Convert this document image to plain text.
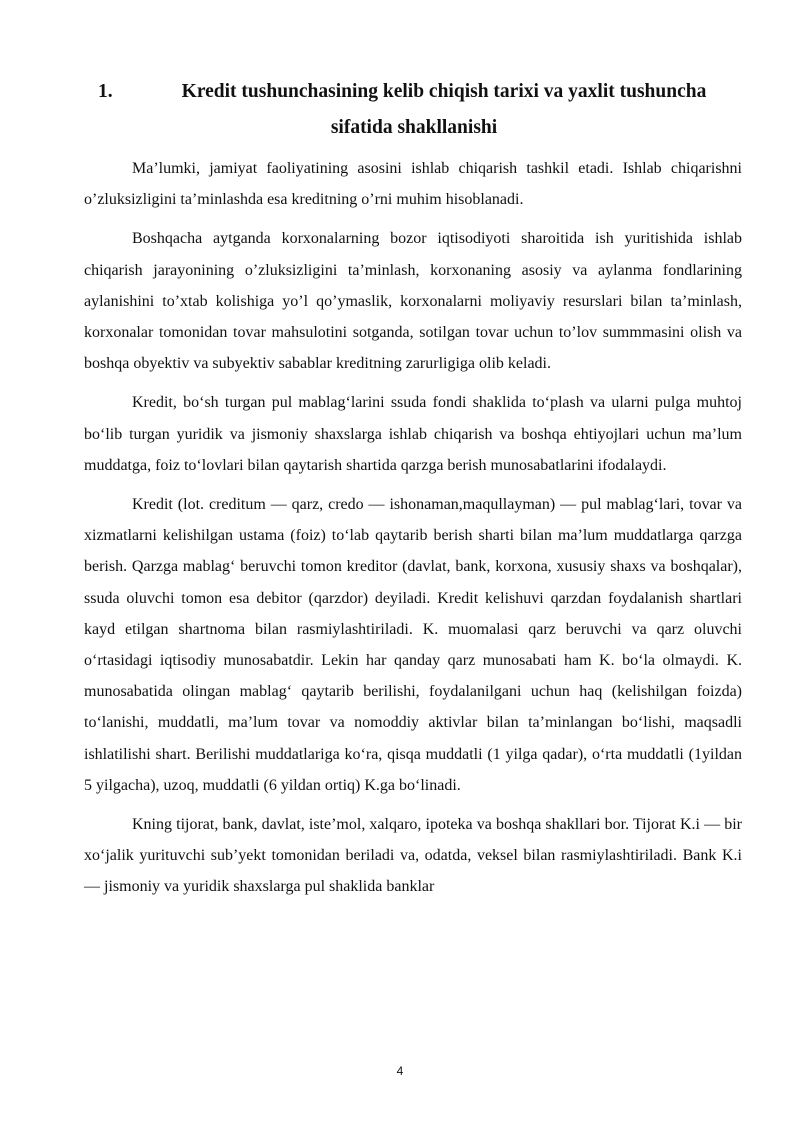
1.	Kredit tushunchasining kelib chiqish tarixi va yaxlit tushuncha
sifatida shakllanishi

Ma’lumki, jamiyat faoliyatining asosini ishlab chiqarish tashkil etadi. Ishlab chiqarishni o’zluksizligini ta’minlashda esa kreditning o’rni muhim hisoblanadi.

Boshqacha aytganda korxonalarning bozor iqtisodiyoti sharoitida ish yuritishida ishlab chiqarish jarayonining o’zluksizligini ta’minlash, korxonaning asosiy va aylanma fondlarining aylanishini to’xtab kolishiga yo’l qo’ymaslik, korxonalarni moliyaviy resurslari bilan ta’minlash, korxonalar tomonidan tovar mahsulotini sotganda, sotilgan tovar uchun to’lov summmasini olish va boshqa obyektiv va subyektiv sabablar kreditning zarurligiga olib keladi.

Kredit, bo‘sh turgan pul mablag‘larini ssuda fondi shaklida to‘plash va ularni pulga muhtoj bo‘lib turgan yuridik va jismoniy shaxslarga ishlab chiqarish va boshqa ehtiyojlari uchun ma’lum muddatga, foiz to‘lovlari bilan qaytarish shartida qarzga berish munosabatlarini ifodalaydi.

Kredit (lot. creditum — qarz, credo — ishonaman,maqullayman) — pul mablag‘lari, tovar va xizmatlarni kelishilgan ustama (foiz) to‘lab qaytarib berish sharti bilan ma’lum muddatlarga qarzga berish. Qarzga mablag‘ beruvchi tomon kreditor (davlat, bank, korxona, xususiy shaxs va boshqalar), ssuda oluvchi tomon esa debitor (qarzdor) deyiladi. Kredit kelishuvi qarzdan foydalanish shartlari kayd etilgan shartnoma bilan rasmiylashtiriladi. K. muomalasi qarz beruvchi va qarz oluvchi o‘rtasidagi iqtisodiy munosabatdir. Lekin har qanday qarz munosabati ham K. bo‘la olmaydi. K. munosabatida olingan mablag‘ qaytarib berilishi, foydalanilgani uchun haq (kelishilgan foizda) to‘lanishi, muddatli, ma’lum tovar va nomoddiy aktivlar bilan ta’minlangan bo‘lishi, maqsadli ishlatilishi shart. Berilishi muddatlariga ko‘ra, qisqa muddatli (1 yilga qadar), o‘rta muddatli (1yildan 5 yilgacha), uzoq, muddatli (6 yildan ortiq) K.ga bo‘linadi.

Kning tijorat, bank, davlat, iste’mol, xalqaro, ipoteka va boshqa shakllari bor. Tijorat K.i — bir xo‘jalik yurituvchi sub’yekt tomonidan beriladi va, odatda, veksel bilan rasmiylashtiriladi. Bank K.i — jismoniy va yuridik shaxslarga pul shaklida banklar

4
